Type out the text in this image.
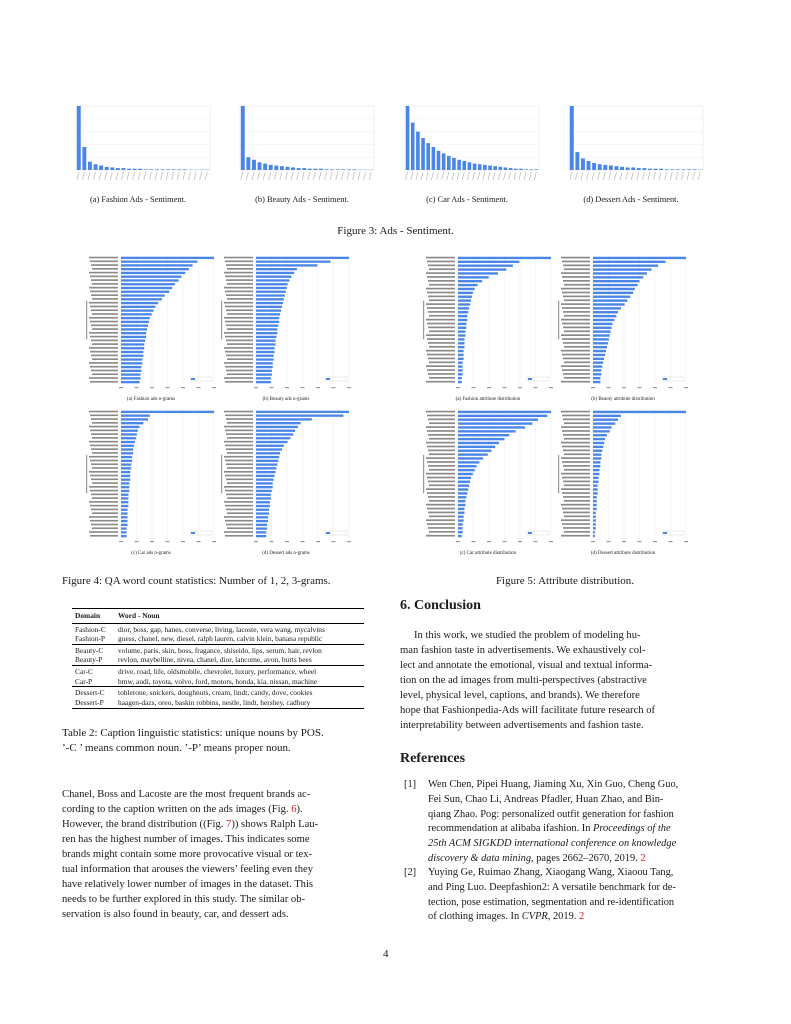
(a) Fashion Ads - Sentiment.	(b) Beauty Ads - Sentiment.	(c) Car Ads - Sentiment.	(d) Dessert Ads - Sentiment.
Figure 3: Ads - Sentiment.
(a) Fashion ads n-grams	(b) Beauty ads n-grams
(c) Car ads n-grams	(d) Dessert ads n-grams
Figure 4: QA word count statistics: Number of 1, 2, 3-grams.
(a) Fashion attribute distribution	(b) Beauty attribute distribution
(c) Car attribute distribution	(d) Dessert attribute distribution
Figure 5: Attribute distribution.
Domain	Word - Noun
Fashion-C	dior, boss, gap, hanes, converse, living, lacoste, vera wang, mycalvins
Fashion-P	guess, chanel, new, diesel, ralph lauren, calvin klein, banana republic
Beauty-C	volume, paris, skin, boss, fragance, shiseido, lips, serum, hair, revlon
Beauty-P	revlon, maybelline, nivea, chanel, dior, lancome, avon, burts bees
Car-C	drive, road, life, oldsmobile, chevrolet, luxury, performance, wheel
Car-P	bmw, audi, toyota, volvo, ford, motors, honda, kia, nissan, machine
Dessert-C	toblerone, snickers, doughnuts, cream, lindt, candy, dove, cookies
Dessert-P	haagen-dazs, oreo, baskin robbins, nestle, lindt, hershey, cadbury
Table 2: Caption linguistic statistics: unique nouns by POS.
’-C ’ means common noun. ’-P’ means proper noun.
Chanel, Boss and Lacoste are the most frequent brands ac-
cording to the caption written on the ads images (Fig. 6).
However, the brand distribution ((Fig. 7)) shows Ralph Lau-
ren has the highest number of images. This indicates some
brands might contain some more provocative visual or tex-
tual information that arouses the viewers’ feeling even they
have relatively lower number of images in the dataset. This
needs to be further explored in this study. The similar ob-
servation is also found in beauty, car, and dessert ads.
6. Conclusion
In this work, we studied the problem of modeling hu-
man fashion taste in advertisements. We exhaustively col-
lect and annotate the emotional, visual and textual informa-
tion on the ad images from multi-perspectives (abstractive
level, physical level, captions, and brands). We therefore
hope that Fashionpedia-Ads will facilitate future research of
interpretability between advertisements and fashion taste.
References
[1] Wen Chen, Pipei Huang, Jiaming Xu, Xin Guo, Cheng Guo,
Fei Sun, Chao Li, Andreas Pfadler, Huan Zhao, and Bin-
qiang Zhao. Pog: personalized outfit generation for fashion
recommendation at alibaba ifashion. In Proceedings of the
25th ACM SIGKDD international conference on knowledge
discovery & data mining, pages 2662–2670, 2019. 2
[2] Yuying Ge, Ruimao Zhang, Xiaogang Wang, Xiaoou Tang,
and Ping Luo. Deepfashion2: A versatile benchmark for de-
tection, pose estimation, segmentation and re-identification
of clothing images. In CVPR, 2019. 2
4
